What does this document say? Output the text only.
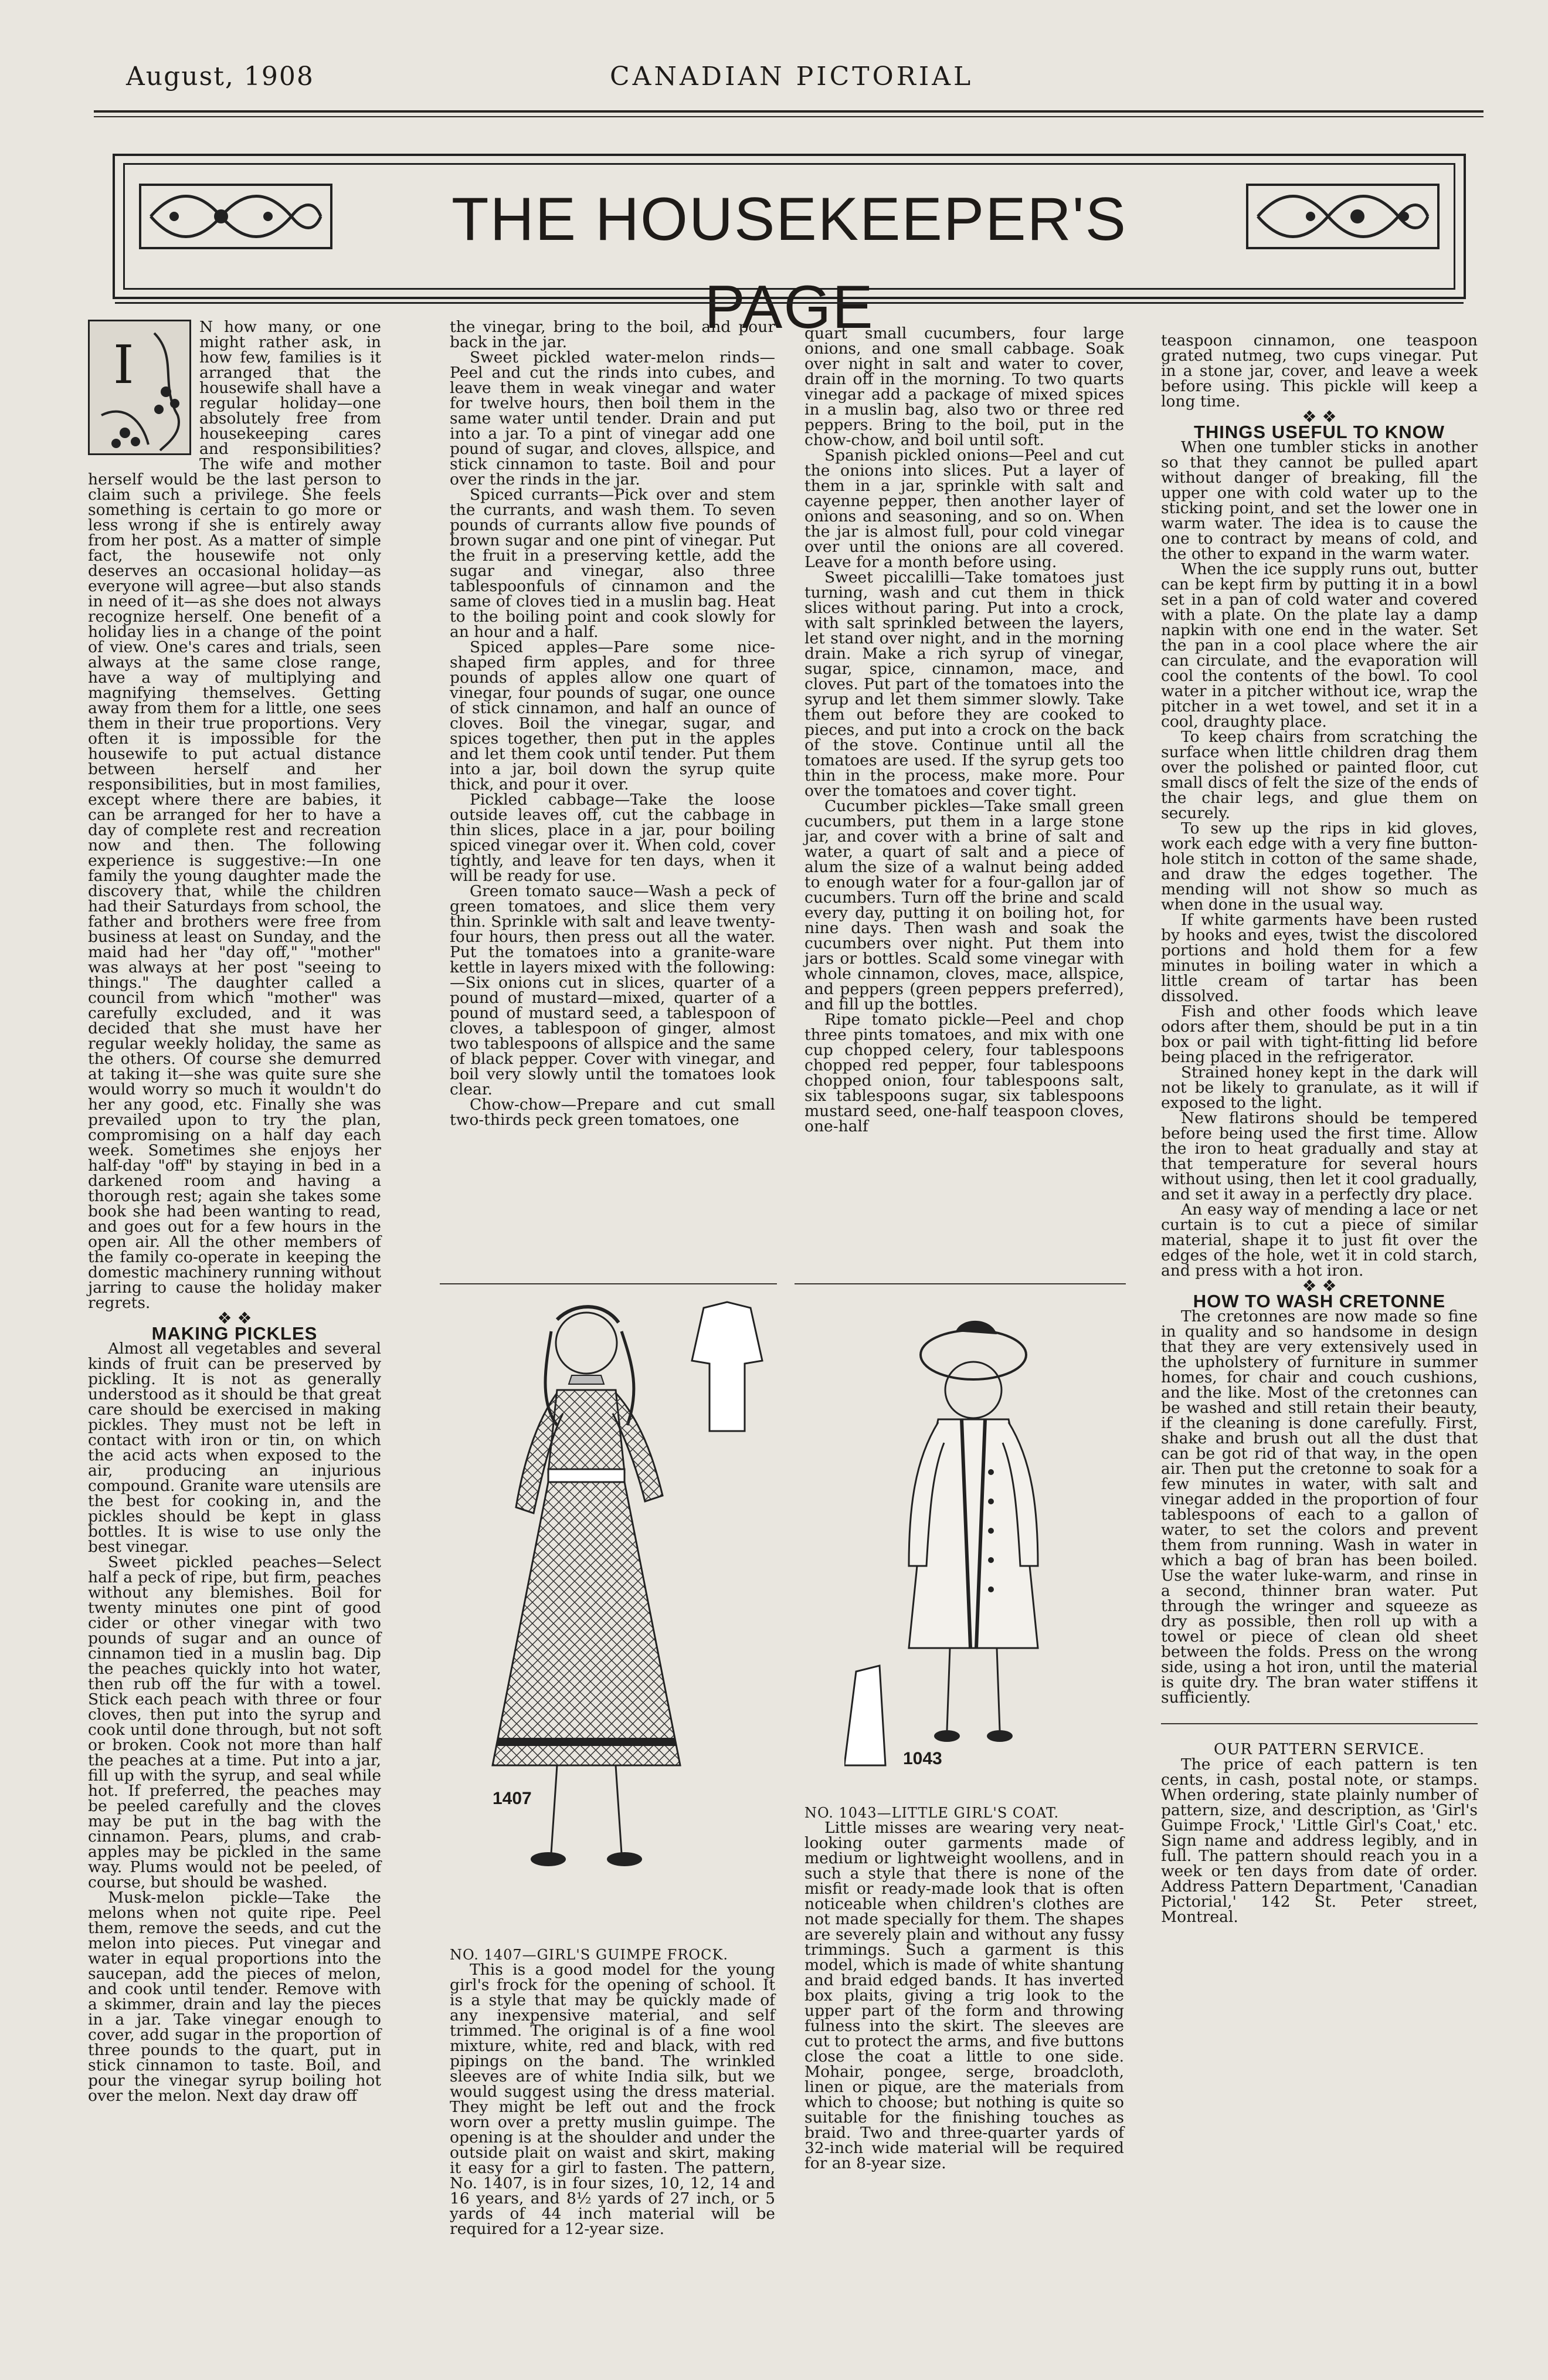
August, 1908	CANADIAN PICTORIAL
THE HOUSEKEEPER'S PAGE
I

N how many, or one might rather ask, in how few, families is it arranged that the housewife shall have a regular holiday—one absolutely free from housekeeping cares and responsibilities? The wife and mother herself would be the last person to claim such a privilege. She feels something is certain to go more or less wrong if she is entirely away from her post. As a matter of simple fact, the housewife not only deserves an occasional holiday—as everyone will agree—but also stands in need of it—as she does not always recognize herself. One benefit of a holiday lies in a change of the point of view. One's cares and trials, seen always at the same close range, have a way of multiplying and magnifying themselves. Getting away from them for a little, one sees them in their true proportions. Very often it is impossible for the housewife to put actual distance between herself and her responsibilities, but in most families, except where there are babies, it can be arranged for her to have a day of complete rest and recreation now and then. The following experience is suggestive:—In one family the young daughter made the discovery that, while the children had their Saturdays from school, the father and brothers were free from business at least on Sunday, and the maid had her "day off," "mother" was always at her post "seeing to things." The daughter called a council from which "mother" was carefully excluded, and it was decided that she must have her regular weekly holiday, the same as the others. Of course she demurred at taking it—she was quite sure she would worry so much it wouldn't do her any good, etc. Finally she was prevailed upon to try the plan, compromising on a half day each week. Sometimes she enjoys her half-day "off" by staying in bed in a darkened room and having a thorough rest; again she takes some book she had been wanting to read, and goes out for a few hours in the open air. All the other members of the family co-operate in keeping the domestic machinery running without jarring to cause the holiday maker regrets.

❖ ❖

MAKING PICKLES

Almost all vegetables and several kinds of fruit can be preserved by pickling. It is not as generally understood as it should be that great care should be exercised in making pickles. They must not be left in contact with iron or tin, on which the acid acts when exposed to the air, producing an injurious compound. Granite ware utensils are the best for cooking in, and the pickles should be kept in glass bottles. It is wise to use only the best vinegar.

Sweet pickled peaches—Select half a peck of ripe, but firm, peaches without any blemishes. Boil for twenty minutes one pint of good cider or other vinegar with two pounds of sugar and an ounce of cinnamon tied in a muslin bag. Dip the peaches quickly into hot water, then rub off the fur with a towel. Stick each peach with three or four cloves, then put into the syrup and cook until done through, but not soft or broken. Cook not more than half the peaches at a time. Put into a jar, fill up with the syrup, and seal while hot. If preferred, the peaches may be peeled carefully and the cloves may be put in the bag with the cinnamon. Pears, plums, and crab-apples may be pickled in the same way. Plums would not be peeled, of course, but should be washed.

Musk-melon pickle—Take the melons when not quite ripe. Peel them, remove the seeds, and cut the melon into pieces. Put vinegar and water in equal proportions into the saucepan, add the pieces of melon, and cook until tender. Remove with a skimmer, drain and lay the pieces in a jar. Take vinegar enough to cover, add sugar in the proportion of three pounds to the quart, put in stick cinnamon to taste. Boil, and pour the vinegar syrup boiling hot over the melon. Next day draw off

the vinegar, bring to the boil, and pour back in the jar.

Sweet pickled water-melon rinds—Peel and cut the rinds into cubes, and leave them in weak vinegar and water for twelve hours, then boil them in the same water until tender. Drain and put into a jar. To a pint of vinegar add one pound of sugar, and cloves, allspice, and stick cinnamon to taste. Boil and pour over the rinds in the jar.

Spiced currants—Pick over and stem the currants, and wash them. To seven pounds of currants allow five pounds of brown sugar and one pint of vinegar. Put the fruit in a preserving kettle, add the sugar and vinegar, also three tablespoonfuls of cinnamon and the same of cloves tied in a muslin bag. Heat to the boiling point and cook slowly for an hour and a half.

Spiced apples—Pare some nice-shaped firm apples, and for three pounds of apples allow one quart of vinegar, four pounds of sugar, one ounce of stick cinnamon, and half an ounce of cloves. Boil the vinegar, sugar, and spices together, then put in the apples and let them cook until tender. Put them into a jar, boil down the syrup quite thick, and pour it over.

Pickled cabbage—Take the loose outside leaves off, cut the cabbage in thin slices, place in a jar, pour boiling spiced vinegar over it. When cold, cover tightly, and leave for ten days, when it will be ready for use.

Green tomato sauce—Wash a peck of green tomatoes, and slice them very thin. Sprinkle with salt and leave twenty-four hours, then press out all the water. Put the tomatoes into a granite-ware kettle in layers mixed with the following:—Six onions cut in slices, quarter of a pound of mustard—mixed, quarter of a pound of mustard seed, a tablespoon of cloves, a tablespoon of ginger, almost two tablespoons of allspice and the same of black pepper. Cover with vinegar, and boil very slowly until the tomatoes look clear.

Chow-chow—Prepare and cut small two-thirds peck green tomatoes, one

quart small cucumbers, four large onions, and one small cabbage. Soak over night in salt and water to cover, drain off in the morning. To two quarts vinegar add a package of mixed spices in a muslin bag, also two or three red peppers. Bring to the boil, put in the chow-chow, and boil until soft.

Spanish pickled onions—Peel and cut the onions into slices. Put a layer of them in a jar, sprinkle with salt and cayenne pepper, then another layer of onions and seasoning, and so on. When the jar is almost full, pour cold vinegar over until the onions are all covered. Leave for a month before using.

Sweet piccalilli—Take tomatoes just turning, wash and cut them in thick slices without paring. Put into a crock, with salt sprinkled between the layers, let stand over night, and in the morning drain. Make a rich syrup of vinegar, sugar, spice, cinnamon, mace, and cloves. Put part of the tomatoes into the syrup and let them simmer slowly. Take them out before they are cooked to pieces, and put into a crock on the back of the stove. Continue until all the tomatoes are used. If the syrup gets too thin in the process, make more. Pour over the tomatoes and cover tight.

Cucumber pickles—Take small green cucumbers, put them in a large stone jar, and cover with a brine of salt and water, a quart of salt and a piece of alum the size of a walnut being added to enough water for a four-gallon jar of cucumbers. Turn off the brine and scald every day, putting it on boiling hot, for nine days. Then wash and soak the cucumbers over night. Put them into jars or bottles. Scald some vinegar with whole cinnamon, cloves, mace, allspice, and peppers (green peppers preferred), and fill up the bottles.

Ripe tomato pickle—Peel and chop three pints tomatoes, and mix with one cup chopped celery, four tablespoons chopped red pepper, four tablespoons chopped onion, four tablespoons salt, six tablespoons sugar, six tablespoons mustard seed, one-half teaspoon cloves, one-half

1407
1043

NO. 1407—GIRL'S GUIMPE FROCK.

This is a good model for the young girl's frock for the opening of school. It is a style that may be quickly made of any inexpensive material, and self trimmed. The original is of a fine wool mixture, white, red and black, with red pipings on the band. The wrinkled sleeves are of white India silk, but we would suggest using the dress material. They might be left out and the frock worn over a pretty muslin guimpe. The opening is at the shoulder and under the outside plait on waist and skirt, making it easy for a girl to fasten. The pattern, No. 1407, is in four sizes, 10, 12, 14 and 16 years, and 8½ yards of 27 inch, or 5 yards of 44 inch material will be required for a 12-year size.

NO. 1043—LITTLE GIRL'S COAT.

Little misses are wearing very neat-looking outer garments made of medium or lightweight woollens, and in such a style that there is none of the misfit or ready-made look that is often noticeable when children's clothes are not made specially for them. The shapes are severely plain and without any fussy trimmings. Such a garment is this model, which is made of white shantung and braid edged bands. It has inverted box plaits, giving a trig look to the upper part of the form and throwing fulness into the skirt. The sleeves are cut to protect the arms, and five buttons close the coat a little to one side. Mohair, pongee, serge, broadcloth, linen or pique, are the materials from which to choose; but nothing is quite so suitable for the finishing touches as braid. Two and three-quarter yards of 32-inch wide material will be required for an 8-year size.

teaspoon cinnamon, one teaspoon grated nutmeg, two cups vinegar. Put in a stone jar, cover, and leave a week before using. This pickle will keep a long time.

❖ ❖

THINGS USEFUL TO KNOW

When one tumbler sticks in another so that they cannot be pulled apart without danger of breaking, fill the upper one with cold water up to the sticking point, and set the lower one in warm water. The idea is to cause the one to contract by means of cold, and the other to expand in the warm water.

When the ice supply runs out, butter can be kept firm by putting it in a bowl set in a pan of cold water and covered with a plate. On the plate lay a damp napkin with one end in the water. Set the pan in a cool place where the air can circulate, and the evaporation will cool the contents of the bowl. To cool water in a pitcher without ice, wrap the pitcher in a wet towel, and set it in a cool, draughty place.

To keep chairs from scratching the surface when little children drag them over the polished or painted floor, cut small discs of felt the size of the ends of the chair legs, and glue them on securely.

To sew up the rips in kid gloves, work each edge with a very fine button-hole stitch in cotton of the same shade, and draw the edges together. The mending will not show so much as when done in the usual way.

If white garments have been rusted by hooks and eyes, twist the discolored portions and hold them for a few minutes in boiling water in which a little cream of tartar has been dissolved.

Fish and other foods which leave odors after them, should be put in a tin box or pail with tight-fitting lid before being placed in the refrigerator.

Strained honey kept in the dark will not be likely to granulate, as it will if exposed to the light.

New flatirons should be tempered before being used the first time. Allow the iron to heat gradually and stay at that temperature for several hours without using, then let it cool gradually, and set it away in a perfectly dry place.

An easy way of mending a lace or net curtain is to cut a piece of similar material, shape it to just fit over the edges of the hole, wet it in cold starch, and press with a hot iron.

❖ ❖

HOW TO WASH CRETONNE

The cretonnes are now made so fine in quality and so handsome in design that they are very extensively used in the upholstery of furniture in summer homes, for chair and couch cushions, and the like. Most of the cretonnes can be washed and still retain their beauty, if the cleaning is done carefully. First, shake and brush out all the dust that can be got rid of that way, in the open air. Then put the cretonne to soak for a few minutes in water, with salt and vinegar added in the proportion of four tablespoons of each to a gallon of water, to set the colors and prevent them from running. Wash in water in which a bag of bran has been boiled. Use the water luke-warm, and rinse in a second, thinner bran water. Put through the wringer and squeeze as dry as possible, then roll up with a towel or piece of clean old sheet between the folds. Press on the wrong side, using a hot iron, until the material is quite dry. The bran water stiffens it sufficiently.

OUR PATTERN SERVICE.

The price of each pattern is ten cents, in cash, postal note, or stamps. When ordering, state plainly number of pattern, size, and description, as 'Girl's Guimpe Frock,' 'Little Girl's Coat,' etc. Sign name and address legibly, and in full. The pattern should reach you in a week or ten days from date of order. Address Pattern Department, 'Canadian Pictorial,' 142 St. Peter street, Montreal.
